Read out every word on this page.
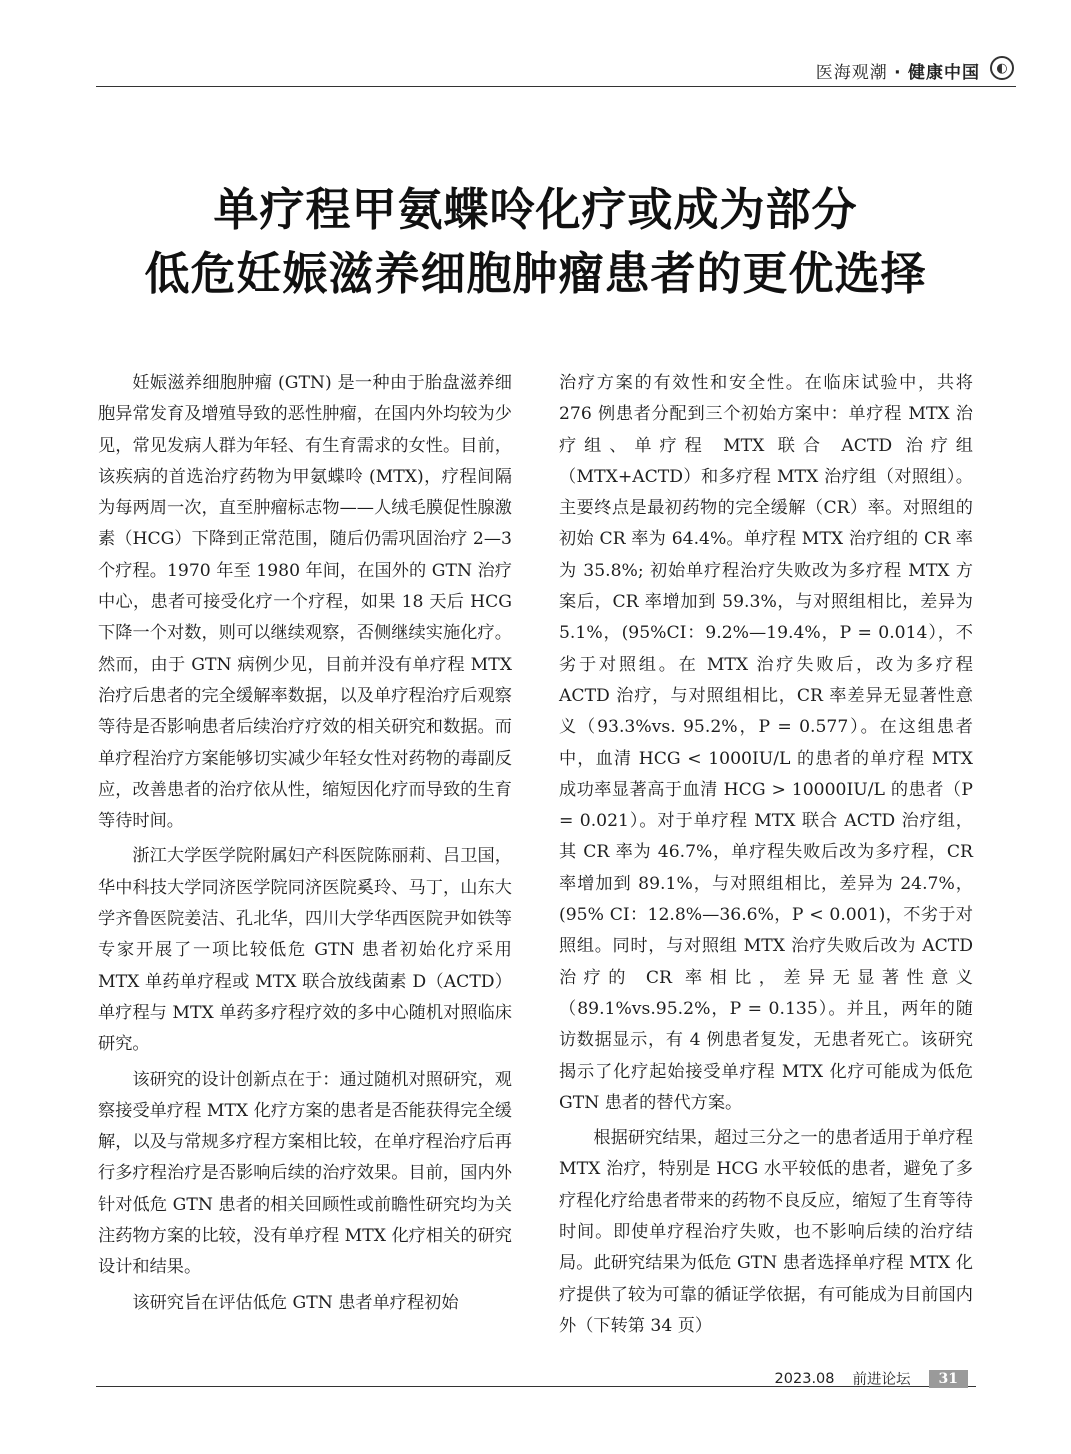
医海观潮 · 健康中国	◐
单疗程甲氨蝶呤化疗或成为部分
低危妊娠滋养细胞肿瘤患者的更优选择

妊娠滋养细胞肿瘤 (GTN) 是一种由于胎盘滋养细胞异常发育及增殖导致的恶性肿瘤，在国内外均较为少见，常见发病人群为年轻、有生育需求的女性。目前，该疾病的首选治疗药物为甲氨蝶呤 (MTX)，疗程间隔为每两周一次，直至肿瘤标志物——人绒毛膜促性腺激素（HCG）下降到正常范围，随后仍需巩固治疗 2—3 个疗程。1970 年至 1980 年间，在国外的 GTN 治疗中心，患者可接受化疗一个疗程，如果 18 天后 HCG 下降一个对数，则可以继续观察，否侧继续实施化疗。然而，由于 GTN 病例少见，目前并没有单疗程 MTX 治疗后患者的完全缓解率数据，以及单疗程治疗后观察等待是否影响患者后续治疗疗效的相关研究和数据。而单疗程治疗方案能够切实减少年轻女性对药物的毒副反应，改善患者的治疗依从性，缩短因化疗而导致的生育等待时间。

浙江大学医学院附属妇产科医院陈丽莉、吕卫国，华中科技大学同济医学院同济医院奚玲、马丁，山东大学齐鲁医院姜洁、孔北华，四川大学华西医院尹如铁等专家开展了一项比较低危 GTN 患者初始化疗采用 MTX 单药单疗程或 MTX 联合放线菌素 D（ACTD）单疗程与 MTX 单药多疗程疗效的多中心随机对照临床研究。

该研究的设计创新点在于：通过随机对照研究，观察接受单疗程 MTX 化疗方案的患者是否能获得完全缓解，以及与常规多疗程方案相比较，在单疗程治疗后再行多疗程治疗是否影响后续的治疗效果。目前，国内外针对低危 GTN 患者的相关回顾性或前瞻性研究均为关注药物方案的比较，没有单疗程 MTX 化疗相关的研究设计和结果。

该研究旨在评估低危 GTN 患者单疗程初始

治疗方案的有效性和安全性。在临床试验中，共将 276 例患者分配到三个初始方案中：单疗程 MTX 治疗组、单疗程 MTX 联合 ACTD 治疗组（MTX+ACTD）和多疗程 MTX 治疗组（对照组）。主要终点是最初药物的完全缓解（CR）率。对照组的初始 CR 率为 64.4%。单疗程 MTX 治疗组的 CR 率为 35.8%; 初始单疗程治疗失败改为多疗程 MTX 方案后，CR 率增加到 59.3%，与对照组相比，差异为 5.1%，(95%CI：9.2%—19.4%，P = 0.014），不劣于对照组。在 MTX 治疗失败后，改为多疗程 ACTD 治疗，与对照组相比，CR 率差异无显著性意义（93.3%vs. 95.2%，P = 0.577）。在这组患者中，血清 HCG < 1000IU/L 的患者的单疗程 MTX 成功率显著高于血清 HCG > 10000IU/L 的患者（P = 0.021）。对于单疗程 MTX 联合 ACTD 治疗组，其 CR 率为 46.7%，单疗程失败后改为多疗程，CR 率增加到 89.1%，与对照组相比，差异为 24.7%，(95% CI：12.8%—36.6%，P < 0.001)，不劣于对照组。同时，与对照组 MTX 治疗失败后改为 ACTD 治疗的 CR 率相比，差异无显著性意义（89.1%vs.95.2%，P = 0.135）。并且，两年的随访数据显示，有 4 例患者复发，无患者死亡。该研究揭示了化疗起始接受单疗程 MTX 化疗可能成为低危 GTN 患者的替代方案。

根据研究结果，超过三分之一的患者适用于单疗程 MTX 治疗，特别是 HCG 水平较低的患者，避免了多疗程化疗给患者带来的药物不良反应，缩短了生育等待时间。即使单疗程治疗失败，也不影响后续的治疗结局。此研究结果为低危 GTN 患者选择单疗程 MTX 化疗提供了较为可靠的循证学依据，有可能成为目前国内外（下转第 34 页）

2023.08 前进论坛	31
